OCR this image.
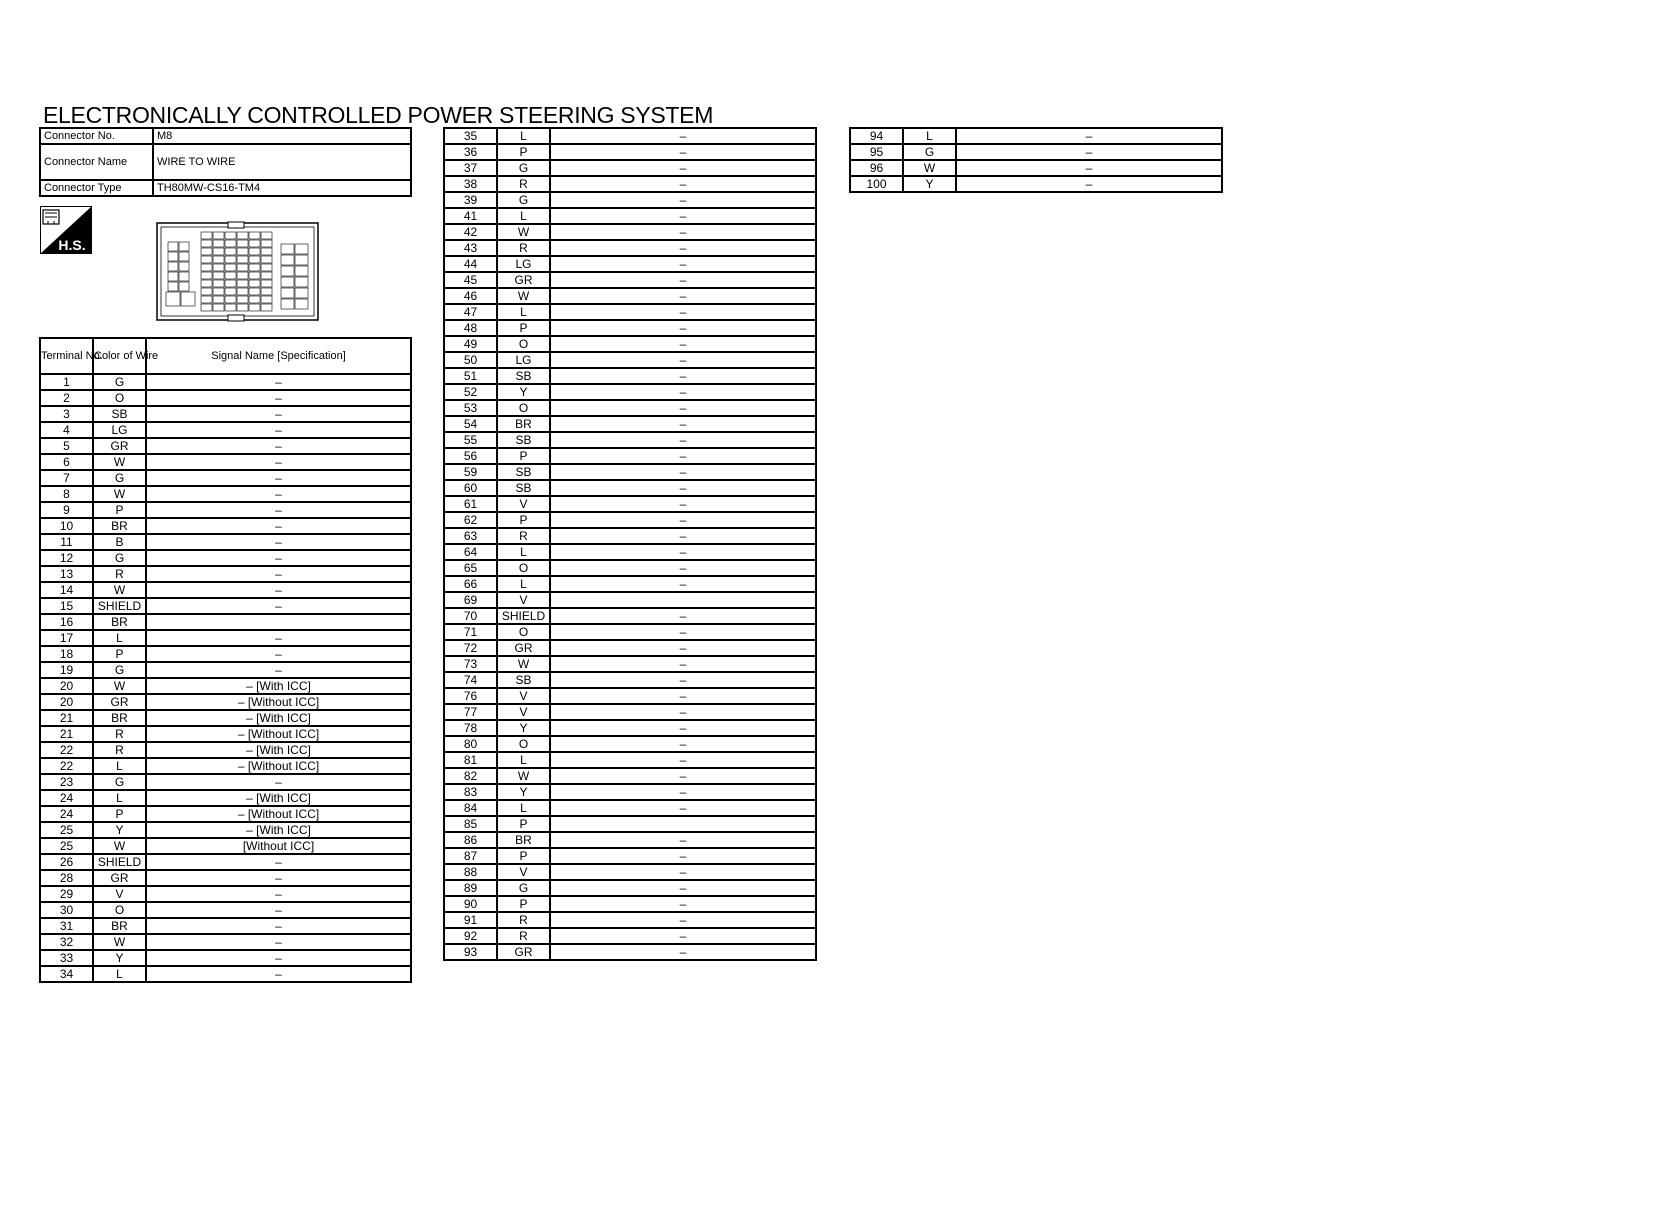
ELECTRONICALLY CONTROLLED POWER STEERING SYSTEM
Connector No.	M8
Connector Name	WIRE TO WIRE
Connector Type	TH80MW-CS16-TM4
H.S.
Terminal No.	Color of Wire	Signal Name [Specification]
1	G	–
2	O	–
3	SB	–
4	LG	–
5	GR	–
6	W	–
7	G	–
8	W	–
9	P	–
10	BR	–
11	B	–
12	G	–
13	R	–
14	W	–
15	SHIELD	–
16	BR	
17	L	–
18	P	–
19	G	–
20	W	– [With ICC]
20	GR	– [Without ICC]
21	BR	– [With ICC]
21	R	– [Without ICC]
22	R	– [With ICC]
22	L	– [Without ICC]
23	G	–
24	L	– [With ICC]
24	P	– [Without ICC]
25	Y	– [With ICC]
25	W	[Without ICC]
26	SHIELD	–
28	GR	–
29	V	–
30	O	–
31	BR	–
32	W	–
33	Y	–
34	L	–
35	L	–
36	P	–
37	G	–
38	R	–
39	G	–
41	L	–
42	W	–
43	R	–
44	LG	–
45	GR	–
46	W	–
47	L	–
48	P	–
49	O	–
50	LG	–
51	SB	–
52	Y	–
53	O	–
54	BR	–
55	SB	–
56	P	–
59	SB	–
60	SB	–
61	V	–
62	P	–
63	R	–
64	L	–
65	O	–
66	L	–
69	V	
70	SHIELD	–
71	O	–
72	GR	–
73	W	–
74	SB	–
76	V	–
77	V	–
78	Y	–
80	O	–
81	L	–
82	W	–
83	Y	–
84	L	–
85	P	
86	BR	–
87	P	–
88	V	–
89	G	–
90	P	–
91	R	–
92	R	–
93	GR	–
94	L	–
95	G	–
96	W	–
100	Y	–
